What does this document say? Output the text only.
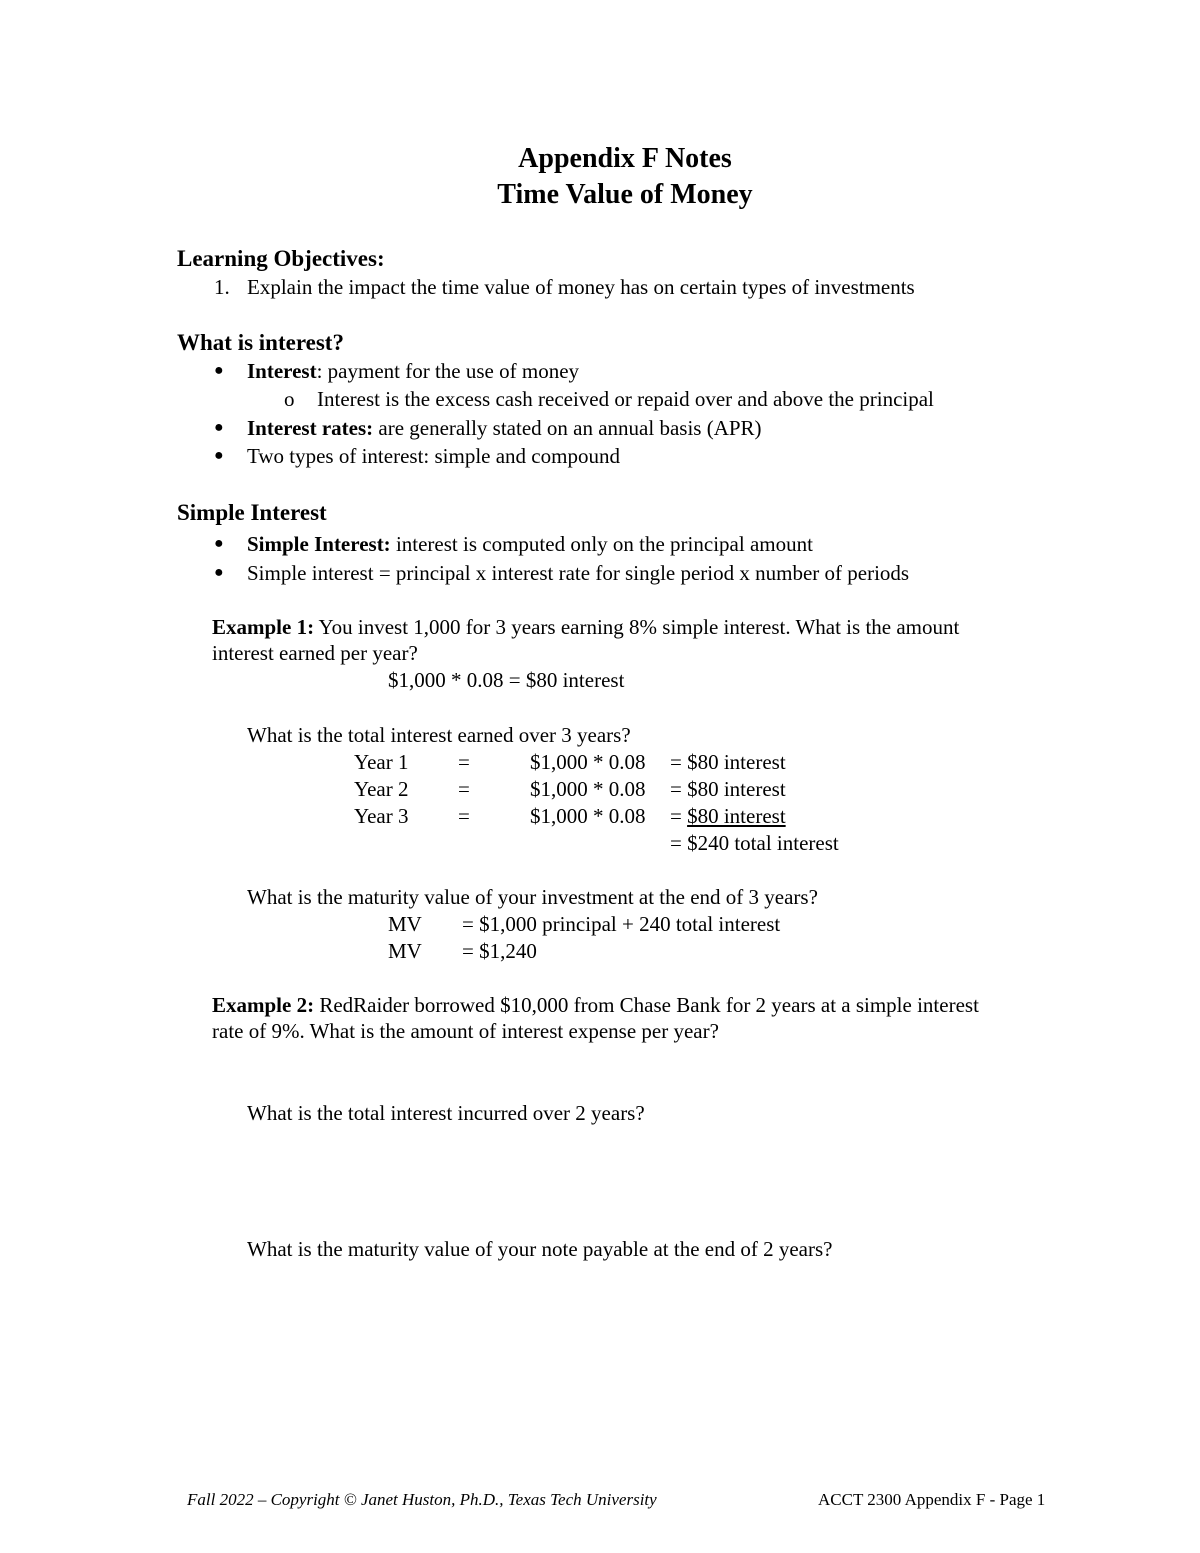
Appendix F Notes
Time Value of Money
Learning Objectives:
1. Explain the impact the time value of money has on certain types of investments
What is interest?
● Interest: payment for the use of money
o Interest is the excess cash received or repaid over and above the principal
● Interest rates: are generally stated on an annual basis (APR)
● Two types of interest: simple and compound
Simple Interest
● Simple Interest: interest is computed only on the principal amount
● Simple interest = principal x interest rate for single period x number of periods
Example 1: You invest 1,000 for 3 years earning 8% simple interest. What is the amount
interest earned per year?
$1,000 * 0.08 = $80 interest
What is the total interest earned over 3 years?
Year 1 =	$1,000 * 0.08 = $80 interest
Year 2 =	$1,000 * 0.08 = $80 interest
Year 3 =	$1,000 * 0.08 = $80 interest
= $240 total interest
What is the maturity value of your investment at the end of 3 years?
MV = $1,000 principal + 240 total interest
MV = $1,240
Example 2: RedRaider borrowed $10,000 from Chase Bank for 2 years at a simple interest
rate of 9%. What is the amount of interest expense per year?
What is the total interest incurred over 2 years?
What is the maturity value of your note payable at the end of 2 years?
Fall 2022 – Copyright © Janet Huston, Ph.D., Texas Tech University	ACCT 2300 Appendix F - Page 1
